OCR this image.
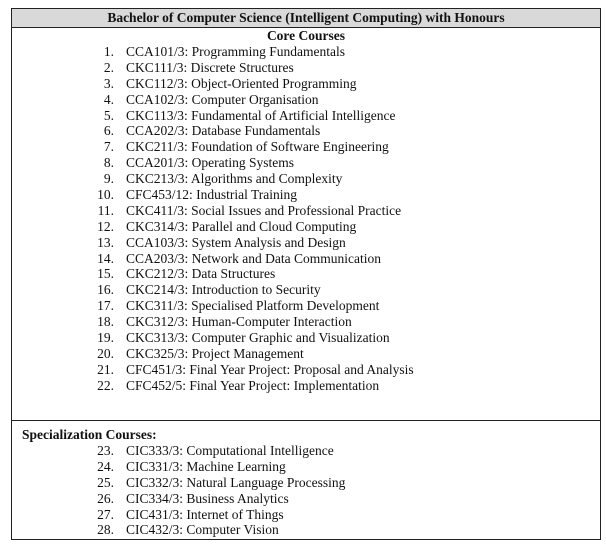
Bachelor of Computer Science (Intelligent Computing) with Honours
Core Courses
1. CCA101/3: Programming Fundamentals
2. CKC111/3: Discrete Structures
3. CKC112/3: Object-Oriented Programming
4. CCA102/3: Computer Organisation
5. CKC113/3: Fundamental of Artificial Intelligence
6. CCA202/3: Database Fundamentals
7. CKC211/3: Foundation of Software Engineering
8. CCA201/3: Operating Systems
9. CKC213/3: Algorithms and Complexity
10. CFC453/12: Industrial Training
11. CKC411/3: Social Issues and Professional Practice
12. CKC314/3: Parallel and Cloud Computing
13. CCA103/3: System Analysis and Design
14. CCA203/3: Network and Data Communication
15. CKC212/3: Data Structures
16. CKC214/3: Introduction to Security
17. CKC311/3: Specialised Platform Development
18. CKC312/3: Human-Computer Interaction
19. CKC313/3: Computer Graphic and Visualization
20. CKC325/3: Project Management
21. CFC451/3: Final Year Project: Proposal and Analysis
22. CFC452/5: Final Year Project: Implementation
Specialization Courses:
23. CIC333/3: Computational Intelligence
24. CIC331/3: Machine Learning
25. CIC332/3: Natural Language Processing
26. CIC334/3: Business Analytics
27. CIC431/3: Internet of Things
28. CIC432/3: Computer Vision
